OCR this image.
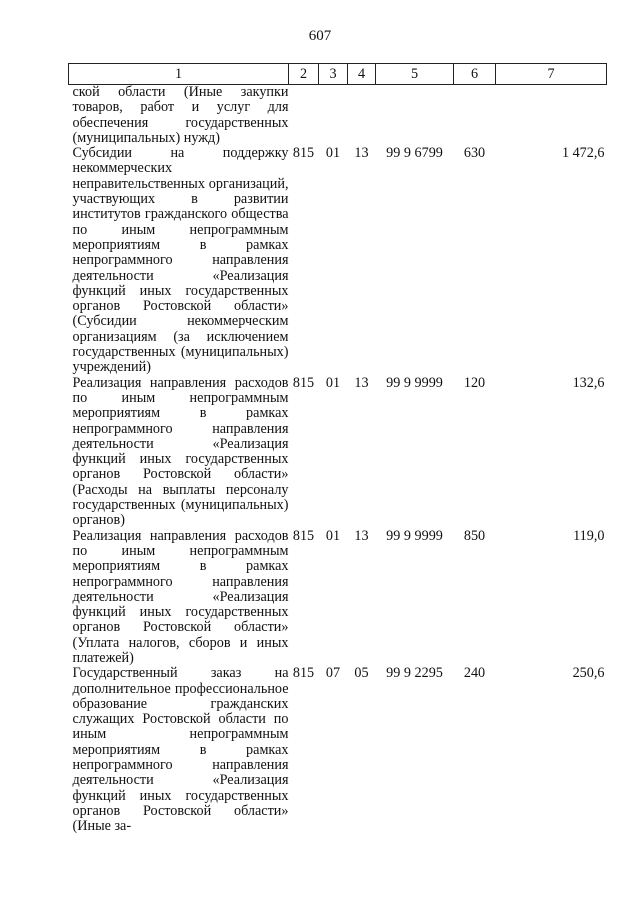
607
1	2	3	4	5	6	7
ской области (Иные закупки товаров, работ и услуг для обеспечения государственных (муниципальных) нужд)						
Субсидии на поддержку некоммерческих неправительственных организаций, участвующих в развитии институтов гражданского общества по иным непрограммным мероприятиям в рамках непрограммного направления деятельности «Реализация функций иных государственных органов Ростовской области» (Субсидии некоммерческим организациям (за исключением государственных (муниципальных) учреждений)	815	01	13	99 9 6799	630	1 472,6
Реализация направления расходов по иным непрограммным мероприятиям в рамках непрограммного направления деятельности «Реализация функций иных государственных органов Ростовской области» (Расходы на выплаты персоналу государственных (муниципальных) органов)	815	01	13	99 9 9999	120	132,6
Реализация направления расходов по иным непрограммным мероприятиям в рамках непрограммного направления деятельности «Реализация функций иных государственных органов Ростовской области» (Уплата налогов, сборов и иных платежей)	815	01	13	99 9 9999	850	119,0
Государственный заказ на дополнительное профессиональное образование гражданских служащих Ростовской области по иным непрограммным мероприятиям в рамках непрограммного направления деятельности «Реализация функций иных государственных органов Ростовской области» (Иные за-	815	07	05	99 9 2295	240	250,6
